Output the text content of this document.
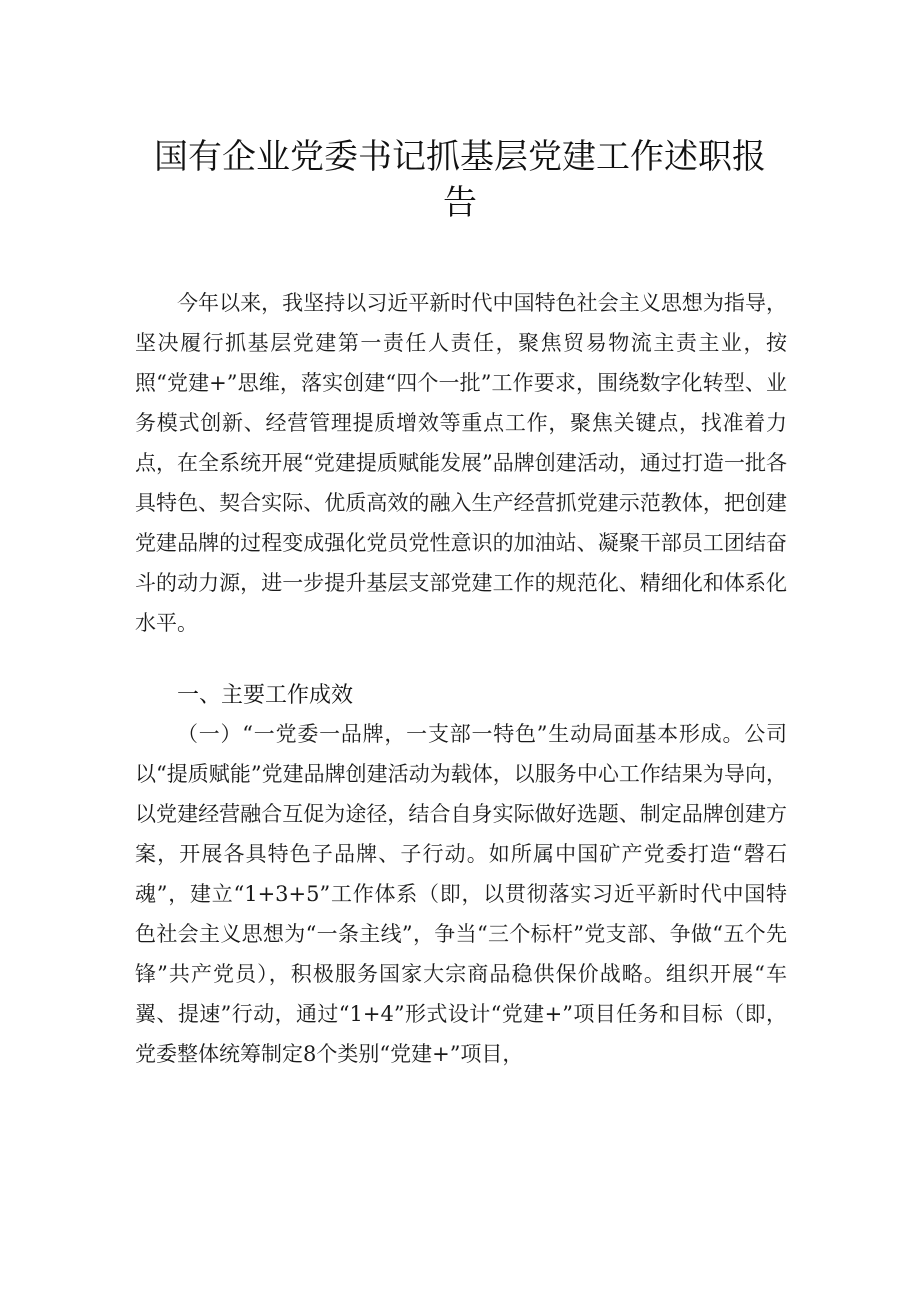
国有企业党委书记抓基层党建工作述职报告

今年以来，我坚持以习近平新时代中国特色社会主义思想为指导，坚决履行抓基层党建第一责任人责任，聚焦贸易物流主责主业，按照“党建+”思维，落实创建“四个一批”工作要求，围绕数字化转型、业务模式创新、经营管理提质增效等重点工作，聚焦关键点，找准着力点，在全系统开展“党建提质赋能发展”品牌创建活动，通过打造一批各具特色、契合实际、优质高效的融入生产经营抓党建示范教体，把创建党建品牌的过程变成强化党员党性意识的加油站、凝聚干部员工团结奋斗的动力源，进一步提升基层支部党建工作的规范化、精细化和体系化水平。

一、主要工作成效
（一）“一党委一品牌，一支部一特色”生动局面基本形成。公司以“提质赋能”党建品牌创建活动为载体，以服务中心工作结果为导向，以党建经营融合互促为途径，结合自身实际做好选题、制定品牌创建方案，开展各具特色子品牌、子行动。如所属中国矿产党委打造“磬石魂”，建立“1+3+5”工作体系（即，以贯彻落实习近平新时代中国特色社会主义思想为“一条主线”，争当“三个标杆”党支部、争做“五个先锋”共产党员），积极服务国家大宗商品稳供保价战略。组织开展“车翼、提速”行动，通过“1+4”形式设计“党建+”项目任务和目标（即，党委整体统筹制定8个类别“党建+”项目，
